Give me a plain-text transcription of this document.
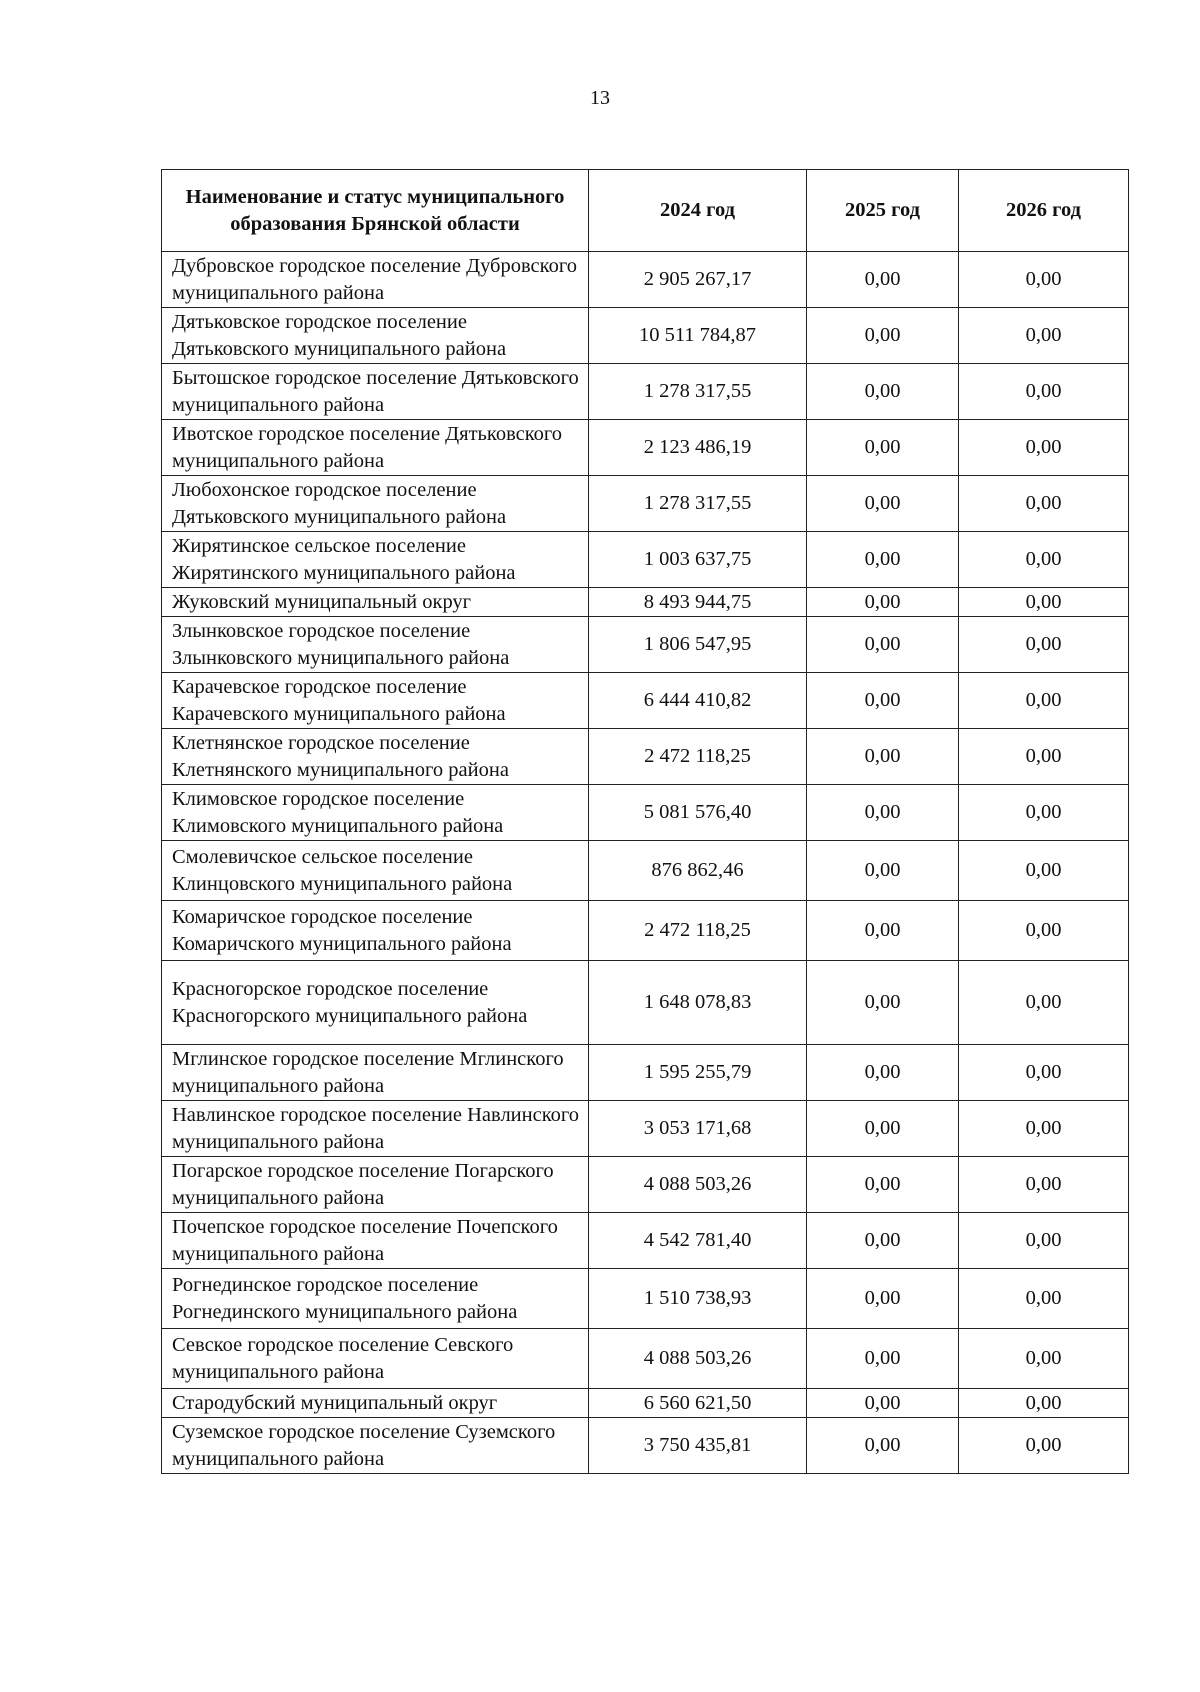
13
Наименование и статус муниципального образования Брянской области	2024 год	2025 год	2026 год
Дубровское городское поселение Дубровского муниципального района	2 905 267,17	0,00	0,00
Дятьковское городское поселение Дятьковского муниципального района	10 511 784,87	0,00	0,00
Бытошское городское поселение Дятьковского муниципального района	1 278 317,55	0,00	0,00
Ивотское городское поселение Дятьковского муниципального района	2 123 486,19	0,00	0,00
Любохонское городское поселение Дятьковского муниципального района	1 278 317,55	0,00	0,00
Жирятинское сельское поселение Жирятинского муниципального района	1 003 637,75	0,00	0,00
Жуковский муниципальный округ	8 493 944,75	0,00	0,00
Злынковское городское поселение Злынковского муниципального района	1 806 547,95	0,00	0,00
Карачевское городское поселение Карачевского муниципального района	6 444 410,82	0,00	0,00
Клетнянское городское поселение Клетнянского муниципального района	2 472 118,25	0,00	0,00
Климовское городское поселение Климовского муниципального района	5 081 576,40	0,00	0,00
Смолевичское сельское поселение Клинцовского муниципального района	876 862,46	0,00	0,00
Комаричское городское поселение Комаричского муниципального района	2 472 118,25	0,00	0,00
Красногорское городское поселение Красногорского муниципального района	1 648 078,83	0,00	0,00
Мглинское городское поселение Мглинского муниципального района	1 595 255,79	0,00	0,00
Навлинское городское поселение Навлинского муниципального района	3 053 171,68	0,00	0,00
Погарское городское поселение Погарского муниципального района	4 088 503,26	0,00	0,00
Почепское городское поселение Почепского муниципального района	4 542 781,40	0,00	0,00
Рогнединское городское поселение Рогнединского муниципального района	1 510 738,93	0,00	0,00
Севское городское поселение Севского муниципального района	4 088 503,26	0,00	0,00
Стародубский муниципальный округ	6 560 621,50	0,00	0,00
Суземское городское поселение Суземского муниципального района	3 750 435,81	0,00	0,00
